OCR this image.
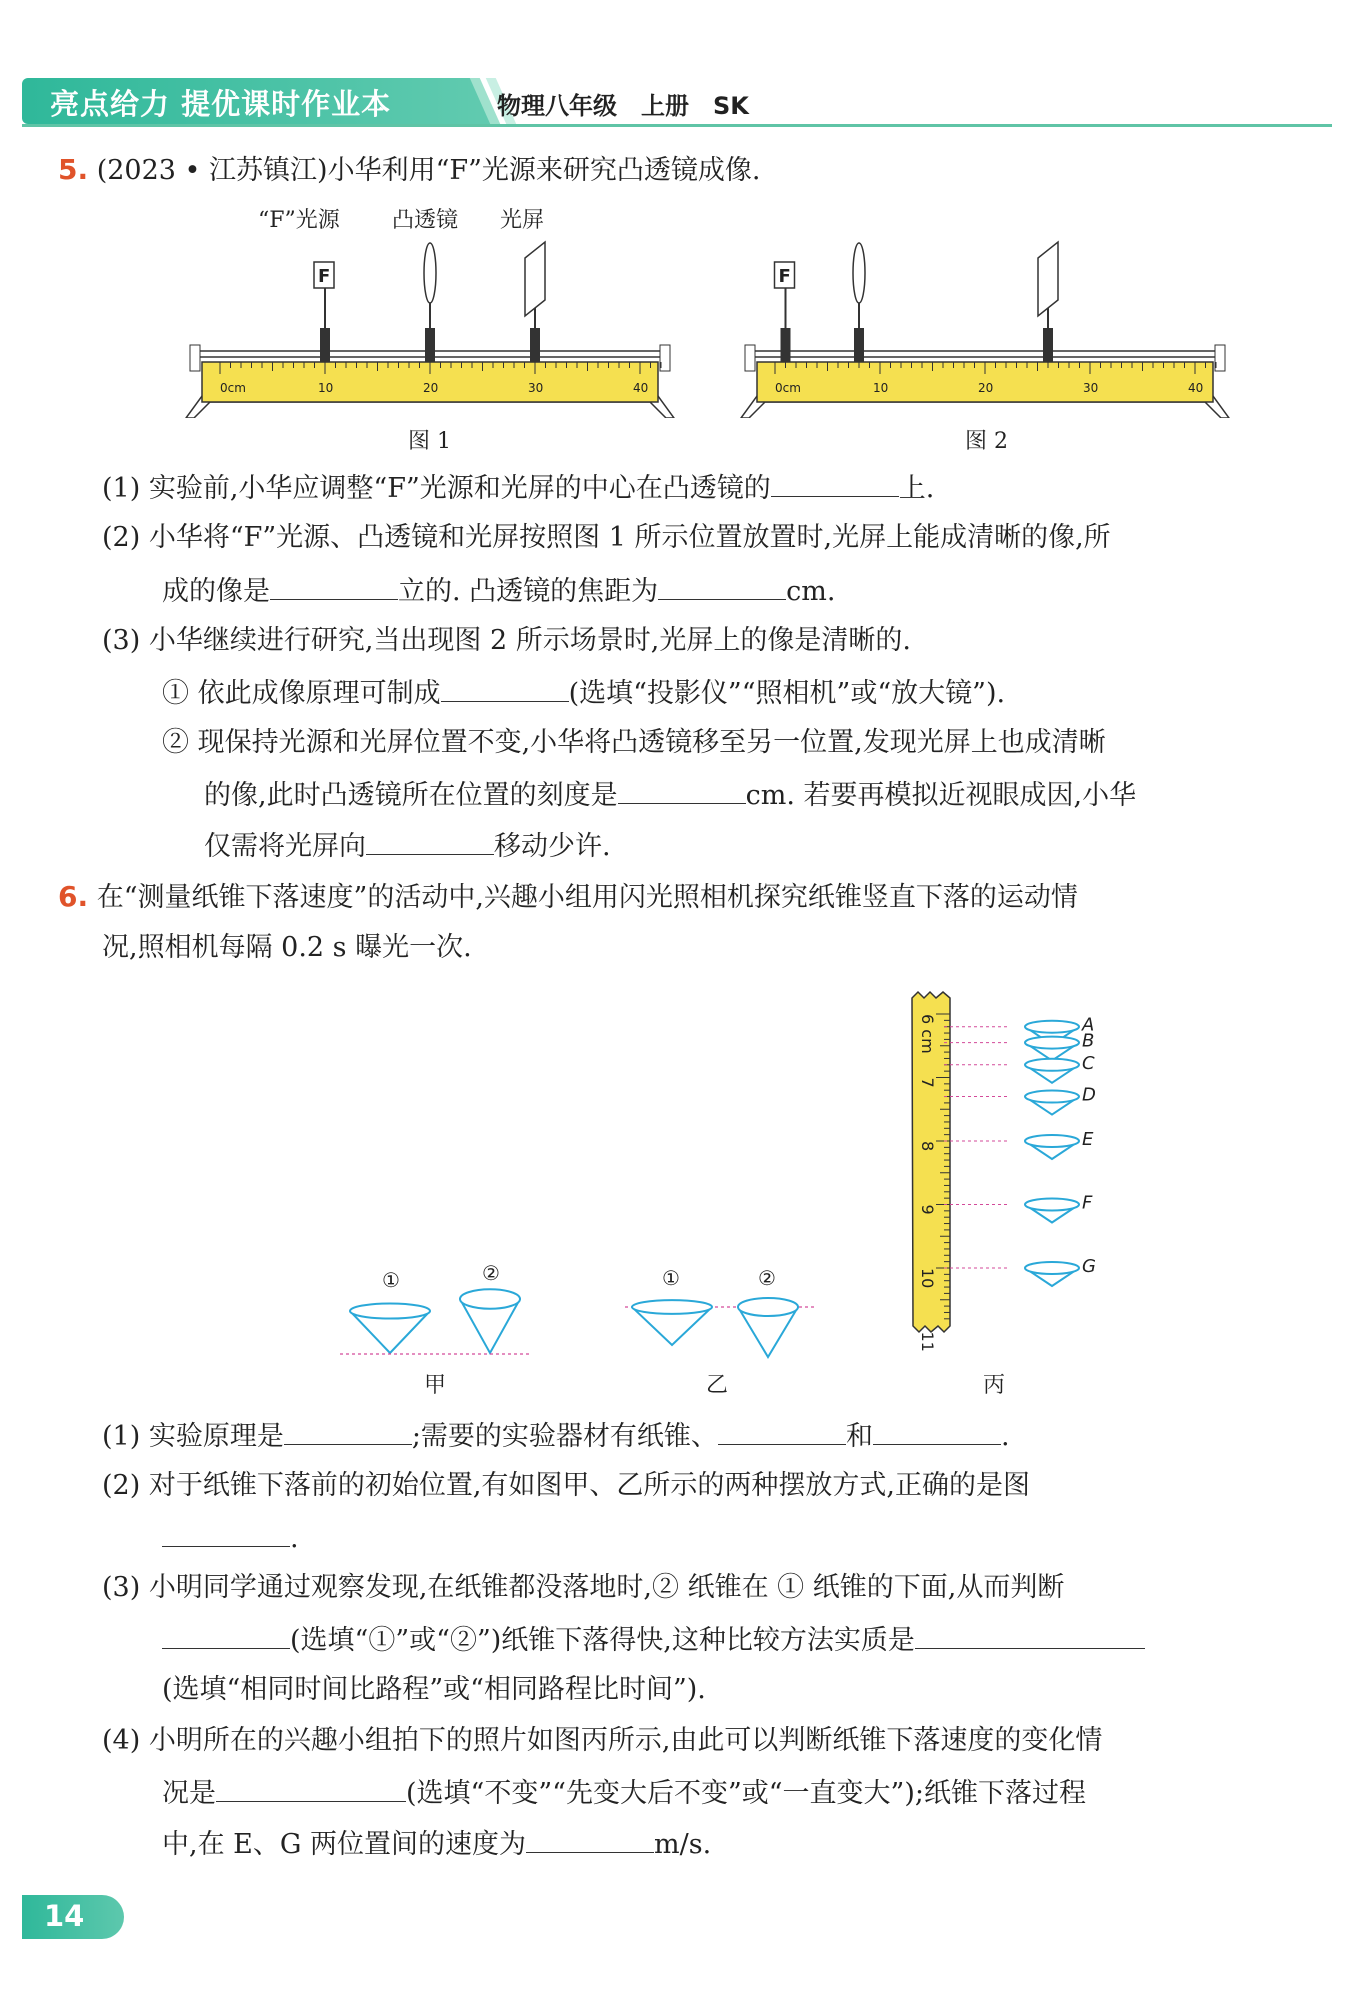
亮点给力 提优课时作业本	物理八年级　上册　SK
5. (2023 • 江苏镇江)小华利用“F”光源来研究凸透镜成像.
“F”光源 凸透镜 光屏
0cm	10	20	30	40
F
0cm	10	20	30	40
F
图 1	图 2
(1) 实验前,小华应调整“F”光源和光屏的中心在凸透镜的	上.
(2) 小华将“F”光源、凸透镜和光屏按照图 1 所示位置放置时,光屏上能成清晰的像,所
成的像是	立的. 凸透镜的焦距为	cm.
(3) 小华继续进行研究,当出现图 2 所示场景时,光屏上的像是清晰的.
① 依此成像原理可制成	(选填“投影仪”“照相机”或“放大镜”).
② 现保持光源和光屏位置不变,小华将凸透镜移至另一位置,发现光屏上也成清晰
的像,此时凸透镜所在位置的刻度是	cm. 若要再模拟近视眼成因,小华
仅需将光屏向	移动少许.
6. 在“测量纸锥下落速度”的活动中,兴趣小组用闪光照相机探究纸锥竖直下落的运动情
况,照相机每隔 0.2 s 曝光一次.
①	②	①	②
6 cm
7
8
9
10
11
A
B
C
D
E
F
G
甲	乙	丙
(1) 实验原理是	;需要的实验器材有纸锥、	和	.
(2) 对于纸锥下落前的初始位置,有如图甲、乙所示的两种摆放方式,正确的是图
.
(3) 小明同学通过观察发现,在纸锥都没落地时,② 纸锥在 ① 纸锥的下面,从而判断
(选填“①”或“②”)纸锥下落得快,这种比较方法实质是
(选填“相同时间比路程”或“相同路程比时间”).
(4) 小明所在的兴趣小组拍下的照片如图丙所示,由此可以判断纸锥下落速度的变化情
况是	(选填“不变”“先变大后不变”或“一直变大”);纸锥下落过程
中,在 E、G 两位置间的速度为	m/s.
14
